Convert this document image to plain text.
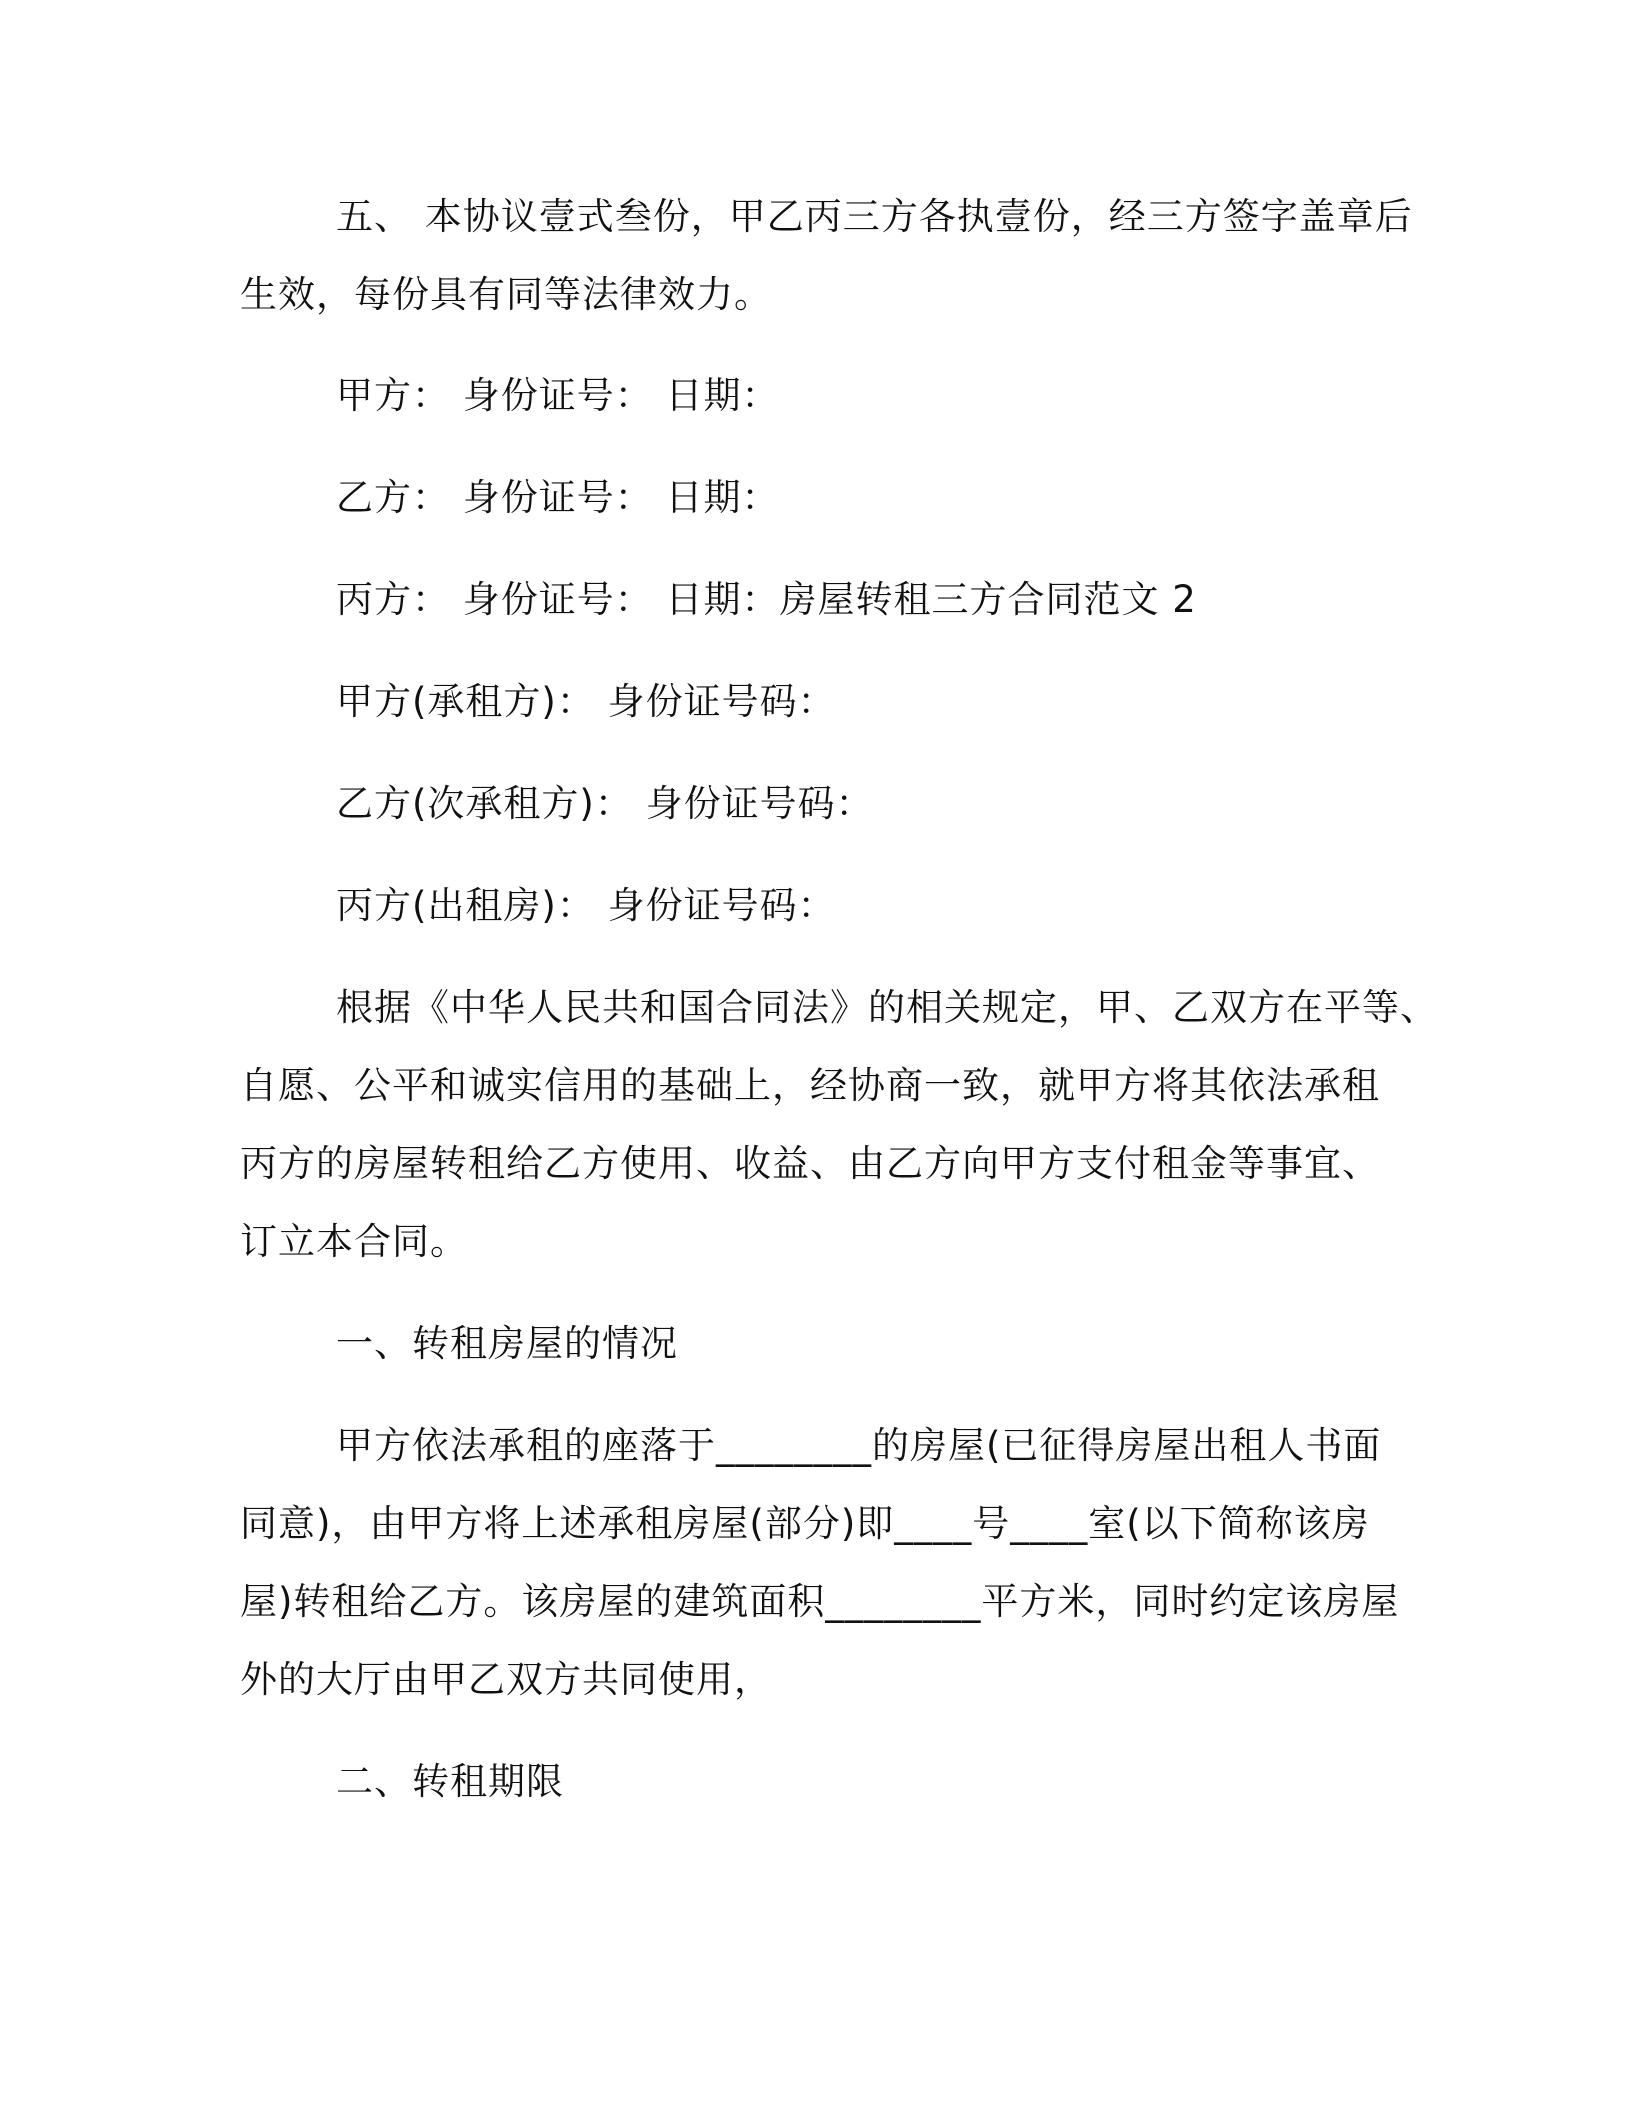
五、 本协议壹式叁份，甲乙丙三方各执壹份，经三方签字盖章后

生效，每份具有同等法律效力。

甲方： 身份证号： 日期：

乙方： 身份证号： 日期：

丙方： 身份证号： 日期：房屋转租三方合同范文 2

甲方(承租方)： 身份证号码：

乙方(次承租方)： 身份证号码：

丙方(出租房)： 身份证号码：

根据《中华人民共和国合同法》的相关规定，甲、乙双方在平等、

自愿、公平和诚实信用的基础上，经协商一致，就甲方将其依法承租

丙方的房屋转租给乙方使用、收益、由乙方向甲方支付租金等事宜、

订立本合同。

一、转租房屋的情况

甲方依法承租的座落于________的房屋(已征得房屋出租人书面

同意)，由甲方将上述承租房屋(部分)即____号____室(以下简称该房

屋)转租给乙方。该房屋的建筑面积________平方米，同时约定该房屋

外的大厅由甲乙双方共同使用，

二、转租期限
